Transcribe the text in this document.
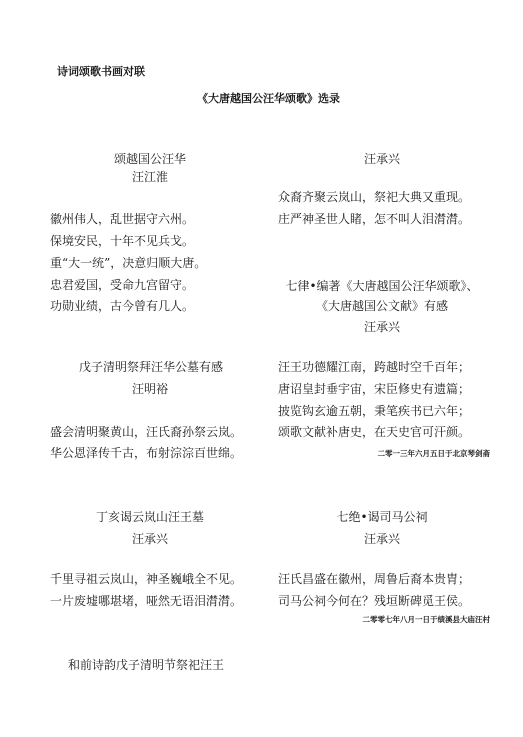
诗词颂歌书画对联
《大唐越国公汪华颂歌》选录
颂越国公汪华
汪江淮
徽州伟人，乱世据守六州。
保境安民，十年不见兵戈。
重“大一统”，决意归顺大唐。
忠君爱国，受命九宫留守。
功勋业绩，古今曾有几人。
汪承兴
众裔齐聚云岚山，祭祀大典又重现。
庄严神圣世人睹，怎不叫人泪潸潸。
七律•编著《大唐越国公汪华颂歌》、
《大唐越国公文献》有感
汪承兴
汪王功德耀江南，跨越时空千百年；
唐诏皇封垂宇宙，宋臣修史有遗篇；
披览钩玄逾五朝，秉笔疾书已六年；
颂歌文献补唐史，在天史官可汗颜。
二零一三年六月五日于北京琴剑斋
戊子清明祭拜汪华公墓有感
汪明裕
盛会清明聚黄山，汪氏裔孙祭云岚。
华公恩泽传千古，布射淙淙百世绵。
丁亥谒云岚山汪王墓
汪承兴
千里寻祖云岚山，神圣巍峨全不见。
一片废墟哪堪堵，哑然无语泪潸潸。
七绝•谒司马公祠
汪承兴
汪氏昌盛在徽州，周鲁后裔本贵胄；
司马公祠今何在？残垣断碑觅王侯。
二零零七年八月一日于绩溪县大庙汪村
和前诗韵戊子清明节祭祀汪王
